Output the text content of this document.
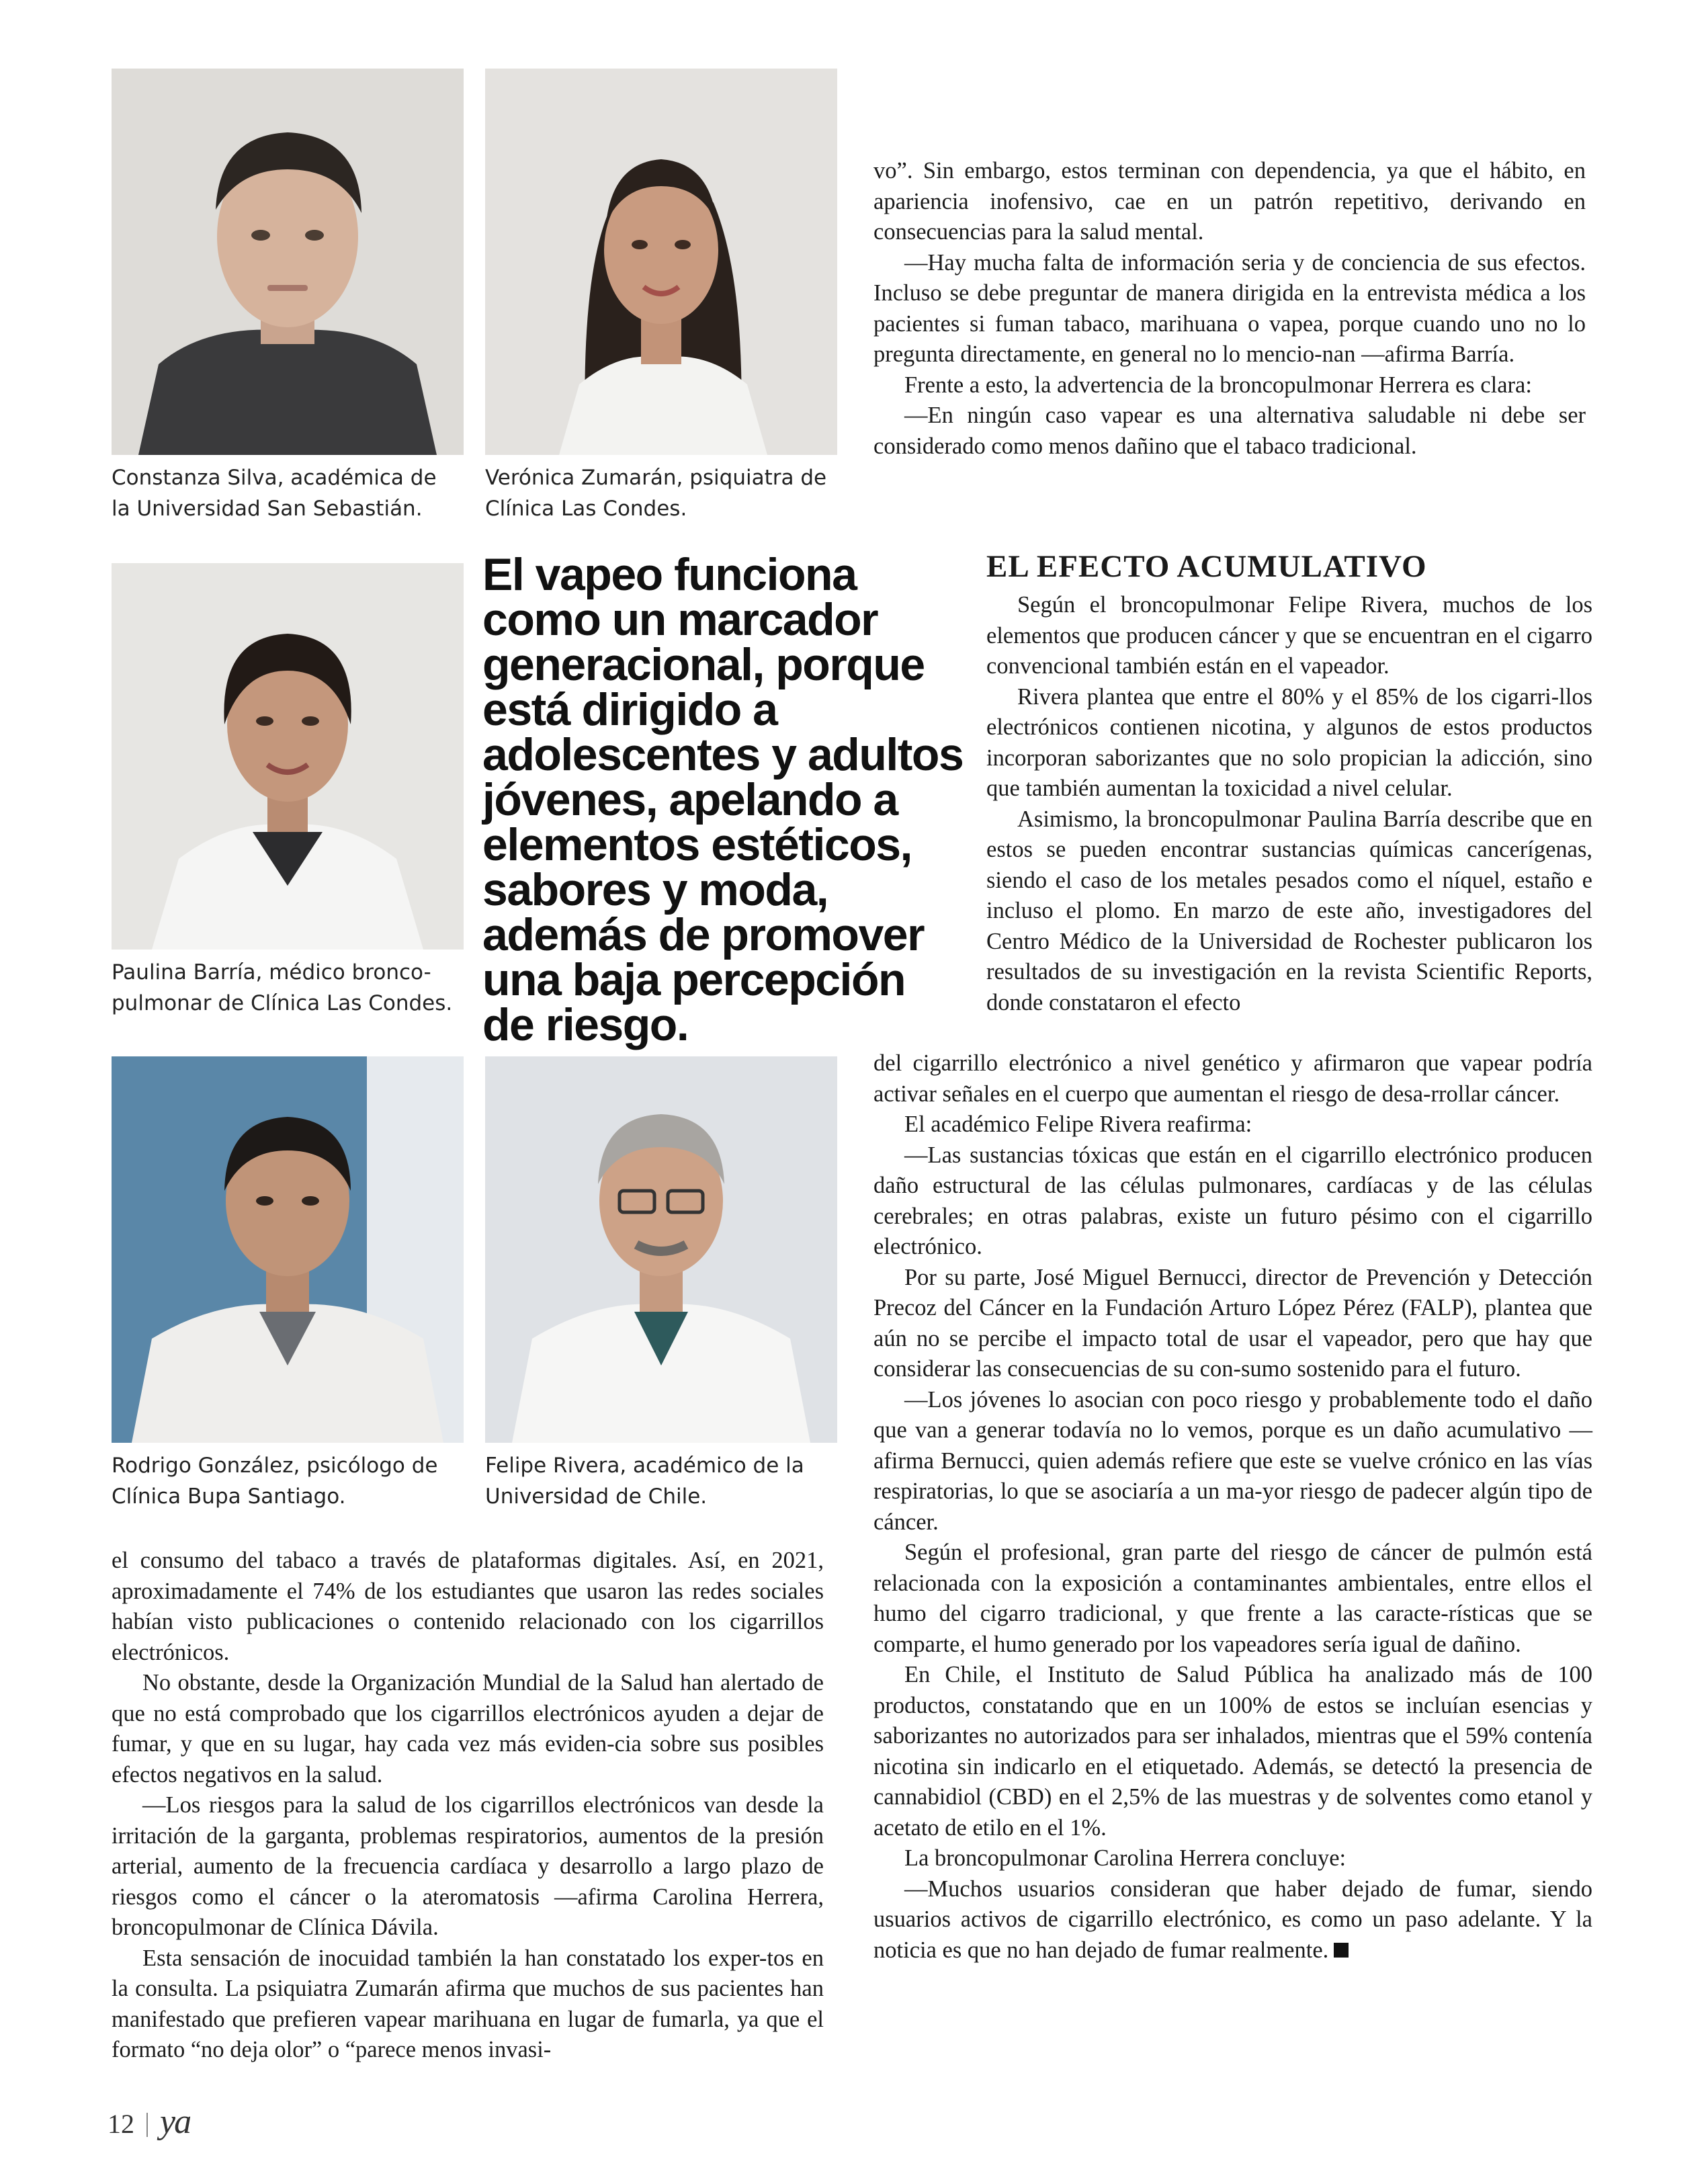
Constanza Silva, académica de
la Universidad San Sebastián.
Verónica Zumarán, psiquiatra de
Clínica Las Condes.
Paulina Barría, médico bronco-
pulmonar de Clínica Las Condes.
Rodrigo González, psicólogo de
Clínica Bupa Santiago.
Felipe Rivera, académico de la
Universidad de Chile.
El vapeo funciona como un marcador generacional, porque está dirigido a adolescentes y adultos jóvenes, apelando a elementos estéticos, sabores y moda, además de promover una baja percepción de riesgo.

vo”. Sin embargo, estos terminan con dependencia, ya que el hábito, en apariencia inofensivo, cae en un patrón repetitivo, derivando en consecuencias para la salud mental.

—Hay mucha falta de información seria y de conciencia de sus efectos. Incluso se debe preguntar de manera dirigida en la entrevista médica a los pacientes si fuman tabaco, marihuana o vapea, porque cuando uno no lo pregunta directamente, en general no lo mencio-nan —afirma Barría.

Frente a esto, la advertencia de la broncopulmonar Herrera es clara:

—En ningún caso vapear es una alternativa saludable ni debe ser considerado como menos dañino que el tabaco tradicional.

EL EFECTO ACUMULATIVO

Según el broncopulmonar Felipe Rivera, muchos de los elementos que producen cáncer y que se encuentran en el cigarro convencional también están en el vapeador.

Rivera plantea que entre el 80% y el 85% de los cigarri-llos electrónicos contienen nicotina, y algunos de estos productos incorporan saborizantes que no solo propician la adicción, sino que también aumentan la toxicidad a nivel celular.

Asimismo, la broncopulmonar Paulina Barría describe que en estos se pueden encontrar sustancias químicas cancerígenas, siendo el caso de los metales pesados como el níquel, estaño e incluso el plomo. En marzo de este año, investigadores del Centro Médico de la Universidad de Rochester publicaron los resultados de su investigación en la revista Scientific Reports, donde constataron el efecto

del cigarrillo electrónico a nivel genético y afirmaron que vapear podría activar señales en el cuerpo que aumentan el riesgo de desa-rrollar cáncer.

El académico Felipe Rivera reafirma:

—Las sustancias tóxicas que están en el cigarrillo electrónico producen daño estructural de las células pulmonares, cardíacas y de las células cerebrales; en otras palabras, existe un futuro pésimo con el cigarrillo electrónico.

Por su parte, José Miguel Bernucci, director de Prevención y Detección Precoz del Cáncer en la Fundación Arturo López Pérez (FALP), plantea que aún no se percibe el impacto total de usar el vapeador, pero que hay que considerar las consecuencias de su con-sumo sostenido para el futuro.

—Los jóvenes lo asocian con poco riesgo y probablemente todo el daño que van a generar todavía no lo vemos, porque es un daño acumulativo —afirma Bernucci, quien además refiere que este se vuelve crónico en las vías respiratorias, lo que se asociaría a un ma-yor riesgo de padecer algún tipo de cáncer.

Según el profesional, gran parte del riesgo de cáncer de pulmón está relacionada con la exposición a contaminantes ambientales, entre ellos el humo del cigarro tradicional, y que frente a las caracte-rísticas que se comparte, el humo generado por los vapeadores sería igual de dañino.

En Chile, el Instituto de Salud Pública ha analizado más de 100 productos, constatando que en un 100% de estos se incluían esencias y saborizantes no autorizados para ser inhalados, mientras que el 59% contenía nicotina sin indicarlo en el etiquetado. Además, se detectó la presencia de cannabidiol (CBD) en el 2,5% de las muestras y de solventes como etanol y acetato de etilo en el 1%.

La broncopulmonar Carolina Herrera concluye:

—Muchos usuarios consideran que haber dejado de fumar, siendo usuarios activos de cigarrillo electrónico, es como un paso adelante. Y la noticia es que no han dejado de fumar realmente.

el consumo del tabaco a través de plataformas digitales. Así, en 2021, aproximadamente el 74% de los estudiantes que usaron las redes sociales habían visto publicaciones o contenido relacionado con los cigarrillos electrónicos.

No obstante, desde la Organización Mundial de la Salud han alertado de que no está comprobado que los cigarrillos electrónicos ayuden a dejar de fumar, y que en su lugar, hay cada vez más eviden-cia sobre sus posibles efectos negativos en la salud.

—Los riesgos para la salud de los cigarrillos electrónicos van desde la irritación de la garganta, problemas respiratorios, aumentos de la presión arterial, aumento de la frecuencia cardíaca y desarrollo a largo plazo de riesgos como el cáncer o la ateromatosis —afirma Carolina Herrera, broncopulmonar de Clínica Dávila.

Esta sensación de inocuidad también la han constatado los exper-tos en la consulta. La psiquiatra Zumarán afirma que muchos de sus pacientes han manifestado que prefieren vapear marihuana en lugar de fumarla, ya que el formato “no deja olor” o “parece menos invasi-

12 ya
